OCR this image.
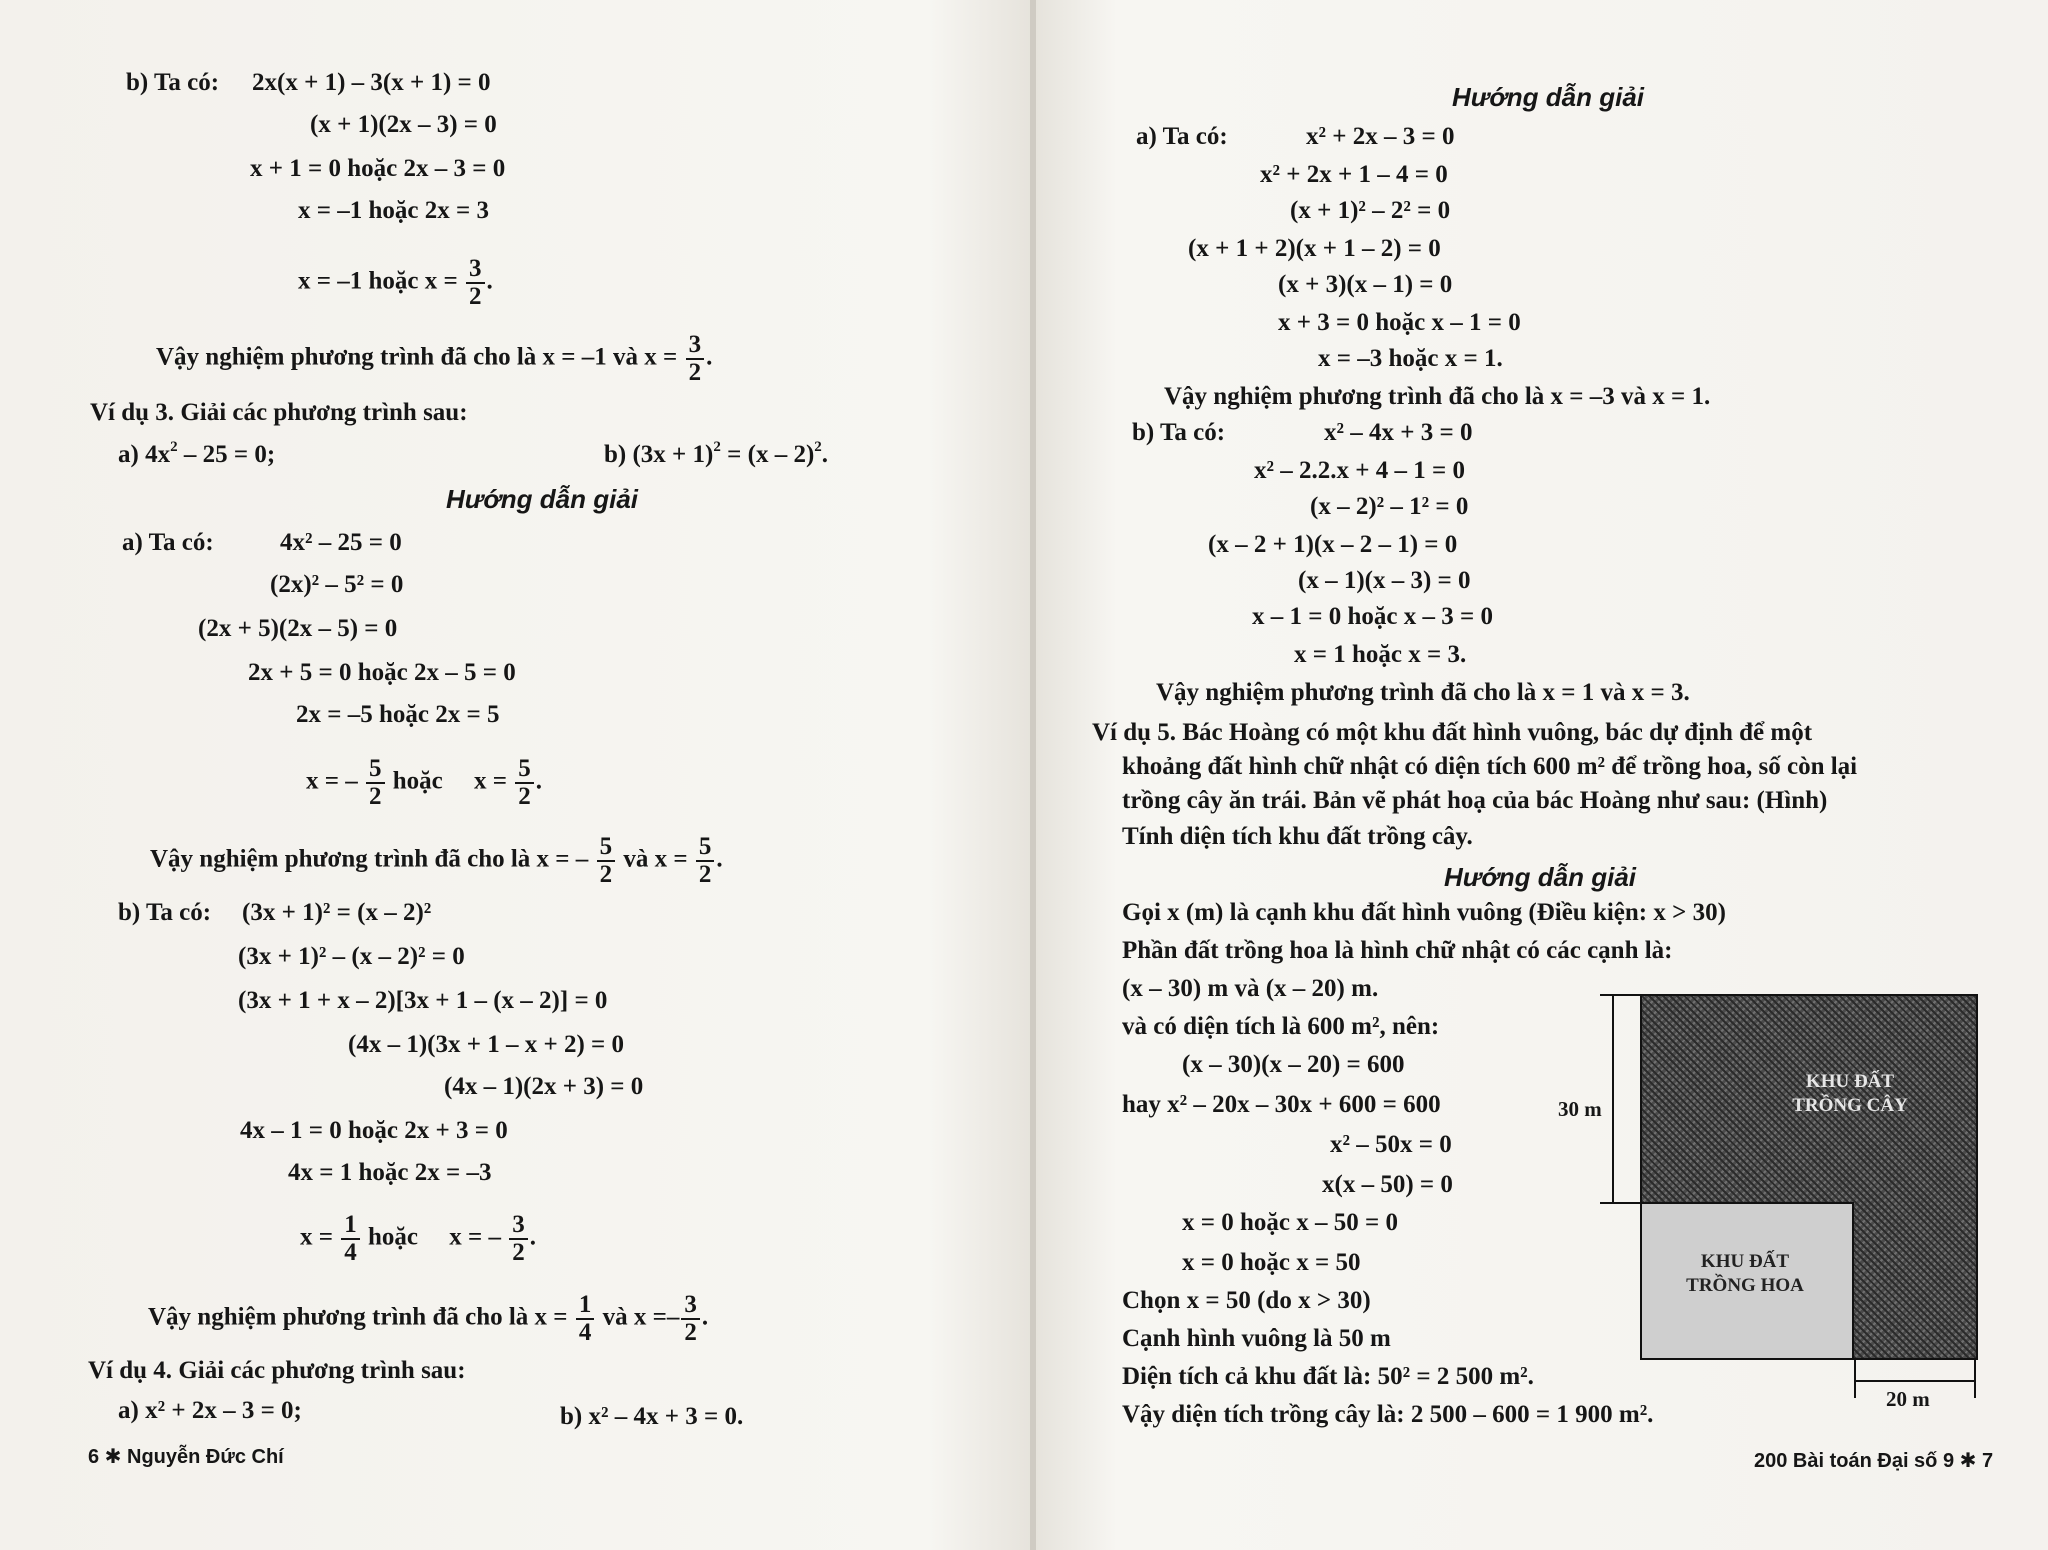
b) Ta có: 2x(x + 1) – 3(x + 1) = 0
(x + 1)(2x – 3) = 0
x + 1 = 0 hoặc 2x – 3 = 0
x = –1 hoặc 2x = 3
x = –1 hoặc $x = \frac{3}{2}$ .
Vậy nghiệm phương trình đã cho là x = –1 và $x = \frac{3}{2}$ .
Ví dụ 3. Giải các phương trình sau:
a) $4x^2 - 25 = 0$;	b) $(3x + 1)^2 = (x - 2)^2$.
Hướng dẫn giải
a) Ta có:	4x² – 25 = 0
(2x)² – 5² = 0
(2x + 5)(2x – 5) = 0
2x + 5 = 0 hoặc 2x – 5 = 0
2x = –5 hoặc 2x = 5
x = – $\frac{5}{2}$ hoặc $x = \frac{5}{2}$ .
Vậy nghiệm phương trình đã cho là x = – $\frac{5}{2}$ và $x = \frac{5}{2}$ .
b) Ta có: (3x + 1)² = (x – 2)²
(3x + 1)² – (x – 2)² = 0
(3x + 1 + x – 2)[3x + 1 – (x – 2)] = 0
(4x – 1)(3x + 1 – x + 2) = 0
(4x – 1)(2x + 3) = 0
4x – 1 = 0 hoặc 2x + 3 = 0
4x = 1 hoặc 2x = –3
$x = \frac{1}{4}$ hoặc x = – $\frac{3}{2}$ .
Vậy nghiệm phương trình đã cho là $x = \frac{1}{4}$ và $x =- \frac{3}{2}$ .
Ví dụ 4. Giải các phương trình sau:
a) x² + 2x – 3 = 0;	b) x² – 4x + 3 = 0.
6 ✱ Nguyễn Đức Chí
Hướng dẫn giải
a) Ta có:	x² + 2x – 3 = 0
x² + 2x + 1 – 4 = 0
(x + 1)² – 2² = 0
(x + 1 + 2)(x + 1 – 2) = 0
(x + 3)(x – 1) = 0
x + 3 = 0 hoặc x – 1 = 0
x = –3 hoặc x = 1.
Vậy nghiệm phương trình đã cho là x = –3 và x = 1.
b) Ta có:	x² – 4x + 3 = 0
x² – 2.2.x + 4 – 1 = 0
(x – 2)² – 1² = 0
(x – 2 + 1)(x – 2 – 1) = 0
(x – 1)(x – 3) = 0
x – 1 = 0 hoặc x – 3 = 0
x = 1 hoặc x = 3.
Vậy nghiệm phương trình đã cho là x = 1 và x = 3.
Ví dụ 5. Bác Hoàng có một khu đất hình vuông, bác dự định để một
khoảng đất hình chữ nhật có diện tích 600 m² để trồng hoa, số còn lại
trồng cây ăn trái. Bản vẽ phát hoạ của bác Hoàng như sau: (Hình)
Tính diện tích khu đất trồng cây.
Hướng dẫn giải
Gọi x (m) là cạnh khu đất hình vuông (Điều kiện: x > 30)
Phần đất trồng hoa là hình chữ nhật có các cạnh là:
(x – 30) m và (x – 20) m.
và có diện tích là 600 m², nên:
(x – 30)(x – 20) = 600
hay x² – 20x – 30x + 600 = 600
x² – 50x = 0
x(x – 50) = 0
x = 0 hoặc x – 50 = 0
x = 0 hoặc x = 50
Chọn x = 50 (do x > 30)
Cạnh hình vuông là 50 m
Diện tích cả khu đất là: 50² = 2 500 m².
Vậy diện tích trồng cây là: 2 500 – 600 = 1 900 m².
200 Bài toán Đại số 9 ✱ 7
KHU ĐẤT
TRỒNG CÂY
KHU ĐẤT
TRỒNG HOA
30 m
20 m
